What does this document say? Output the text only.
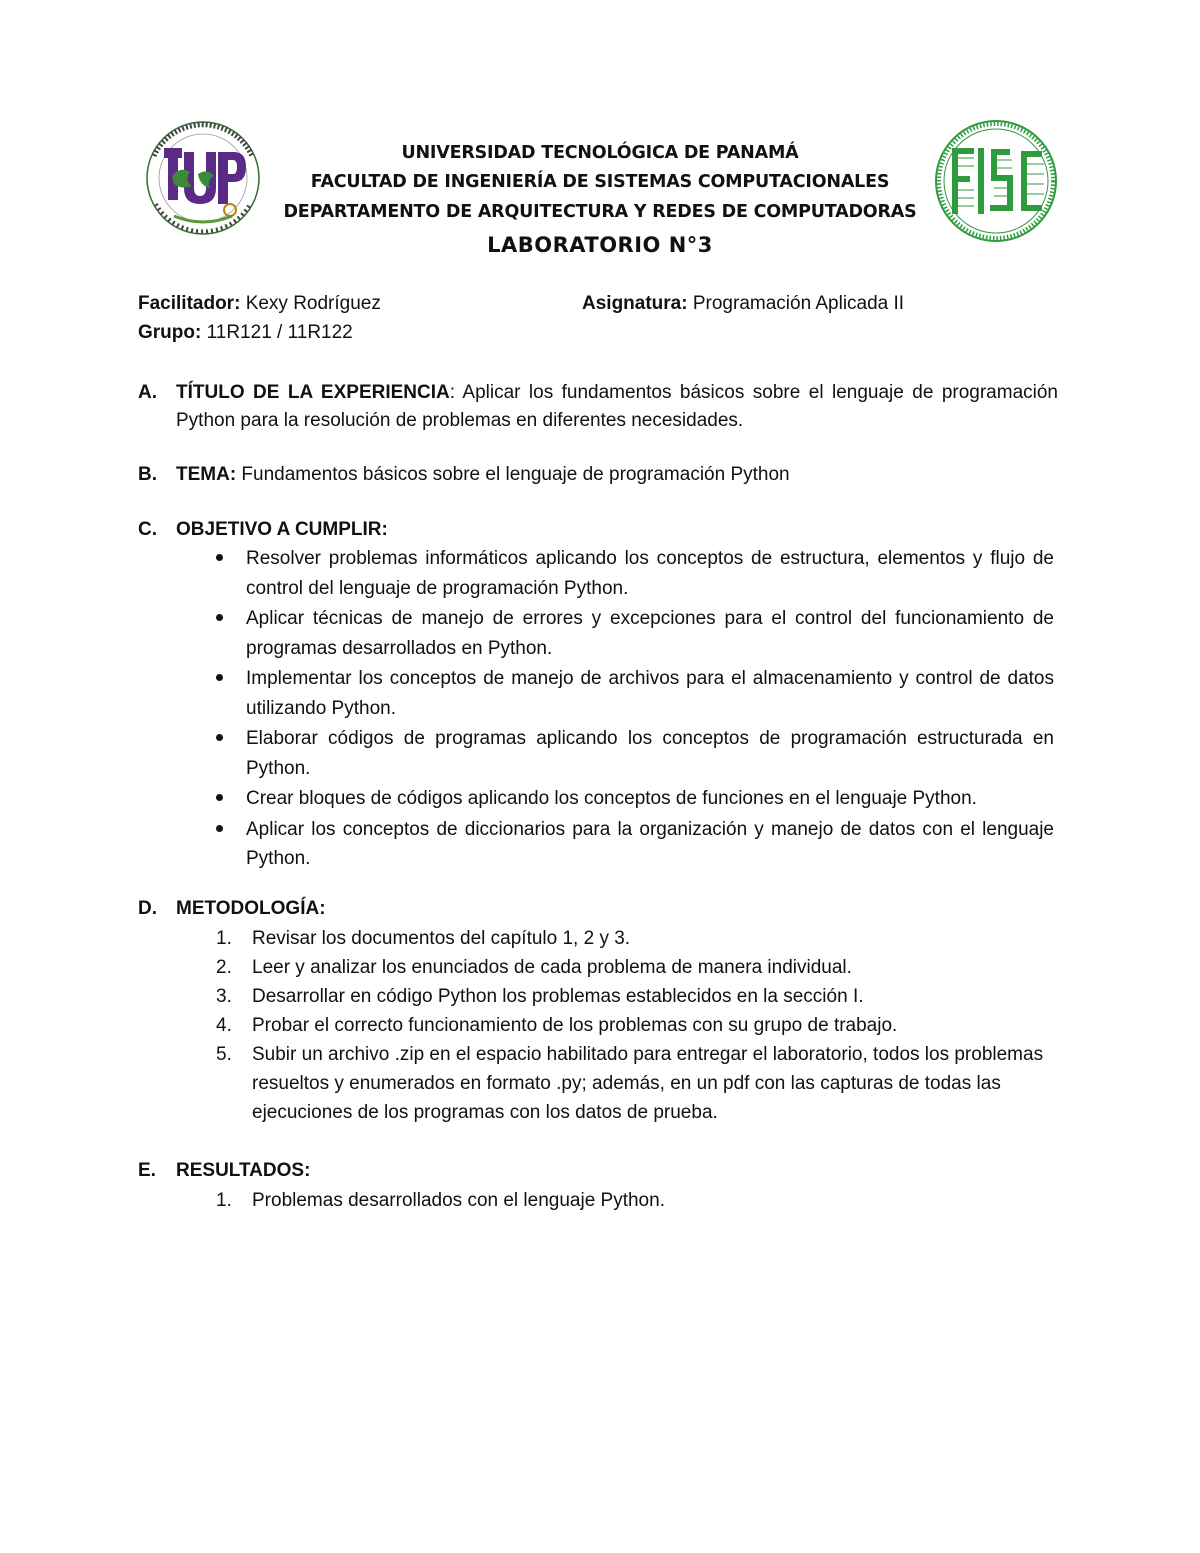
UNIVERSIDAD TECNOLÓGICA DE PANAMÁ
FACULTAD DE INGENIERÍA DE SISTEMAS COMPUTACIONALES
DEPARTAMENTO DE ARQUITECTURA Y REDES DE COMPUTADORAS
LABORATORIO N°3
Facilitador: Kexy Rodríguez	Asignatura: Programación Aplicada II
Grupo: 11R121 / 11R122
A. TÍTULO DE LA EXPERIENCIA: Aplicar los fundamentos básicos sobre el lenguaje de programación Python para la resolución de problemas en diferentes necesidades.
B. TEMA: Fundamentos básicos sobre el lenguaje de programación Python
C. OBJETIVO A CUMPLIR:
Resolver problemas informáticos aplicando los conceptos de estructura, elementos y flujo de control del lenguaje de programación Python.
Aplicar técnicas de manejo de errores y excepciones para el control del funcionamiento de programas desarrollados en Python.
Implementar los conceptos de manejo de archivos para el almacenamiento y control de datos utilizando Python.
Elaborar códigos de programas aplicando los conceptos de programación estructurada en Python.
Crear bloques de códigos aplicando los conceptos de funciones en el lenguaje Python.
Aplicar los conceptos de diccionarios para la organización y manejo de datos con el lenguaje Python.
D. METODOLOGÍA:
1. Revisar los documentos del capítulo 1, 2 y 3.
2. Leer y analizar los enunciados de cada problema de manera individual.
3. Desarrollar en código Python los problemas establecidos en la sección I.
4. Probar el correcto funcionamiento de los problemas con su grupo de trabajo.
5. Subir un archivo .zip en el espacio habilitado para entregar el laboratorio, todos los problemas resueltos y enumerados en formato .py; además, en un pdf con las capturas de todas las ejecuciones de los programas con los datos de prueba.
E. RESULTADOS:
1. Problemas desarrollados con el lenguaje Python.
